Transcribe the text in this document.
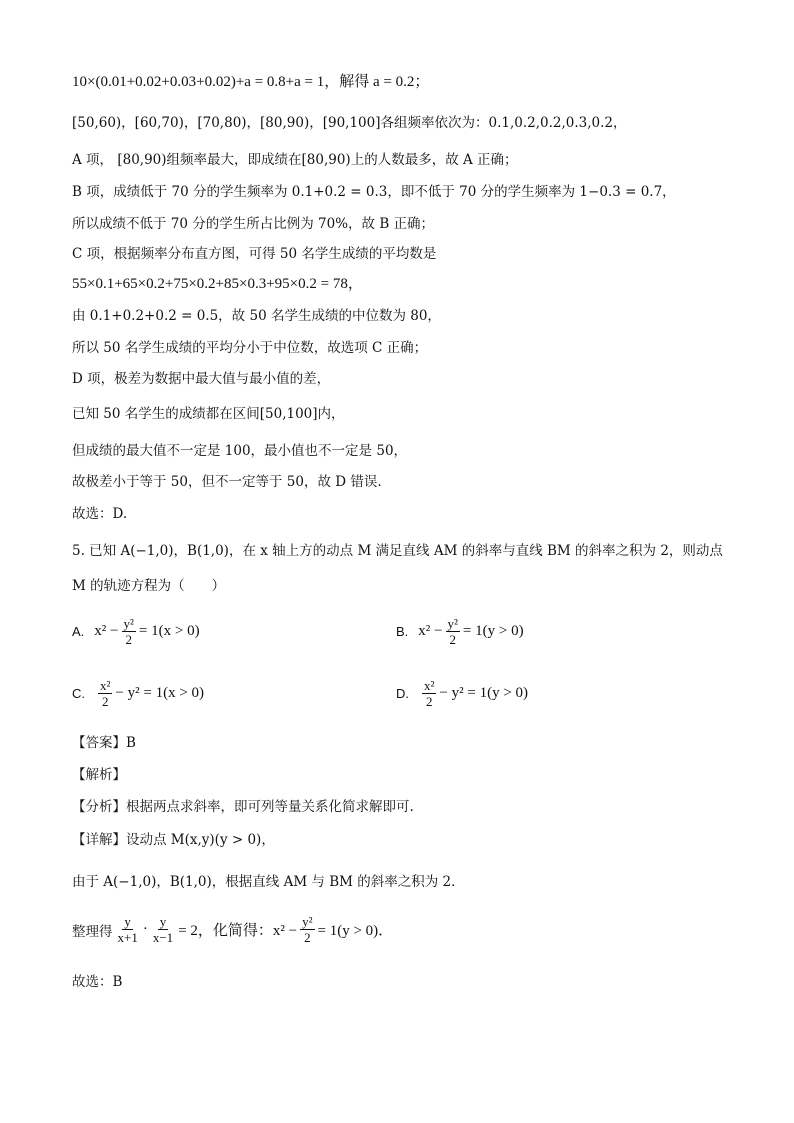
10×(0.01+0.02+0.03+0.02)+a = 0.8+a = 1，解得 a = 0.2；
[50,60)，[60,70)，[70,80)，[80,90)，[90,100]各组频率依次为：0.1,0.2,0.2,0.3,0.2，
A 项， [80,90)组频率最大，即成绩在[80,90)上的人数最多，故 A 正确；
B 项，成绩低于 70 分的学生频率为 0.1+0.2 = 0.3，即不低于 70 分的学生频率为 1−0.3 = 0.7，
所以成绩不低于 70 分的学生所占比例为 70%，故 B 正确；
C 项，根据频率分布直方图，可得 50 名学生成绩的平均数是
55×0.1+65×0.2+75×0.2+85×0.3+95×0.2 = 78，
由 0.1+0.2+0.2 = 0.5，故 50 名学生成绩的中位数为 80，
所以 50 名学生成绩的平均分小于中位数，故选项 C 正确；
D 项，极差为数据中最大值与最小值的差，
已知 50 名学生的成绩都在区间[50,100]内，
但成绩的最大值不一定是 100，最小值也不一定是 50，
故极差小于等于 50，但不一定等于 50，故 D 错误.
故选：D.
5. 已知 A(−1,0)，B(1,0)，在 x 轴上方的动点 M 满足直线 AM 的斜率与直线 BM 的斜率之积为 2，则动点
M 的轨迹方程为（　　）
A. $x^2 - \frac{\text{y²}}{2} = 1(x > 0)$	B. $x^2 - \frac{\text{y²}}{2} = 1(y > 0)$
C. $\frac{\text{x²}}{2} - y^2 = 1(x > 0)$	D. $\frac{\text{x²}}{2} - y^2 = 1(y > 0)$
【答案】B
【解析】
【分析】根据两点求斜率，即可列等量关系化简求解即可.
【详解】设动点 M(x,y)(y > 0)，
由于 A(−1,0)，B(1,0)，根据直线 AM 与 BM 的斜率之积为 2．
整理得 $\frac{y}{x+1} \cdot \frac{y}{x-1} = 2$，化简得：$x^2 - \frac{\text{y²}}{2} = 1(y > 0)$．
故选：B
